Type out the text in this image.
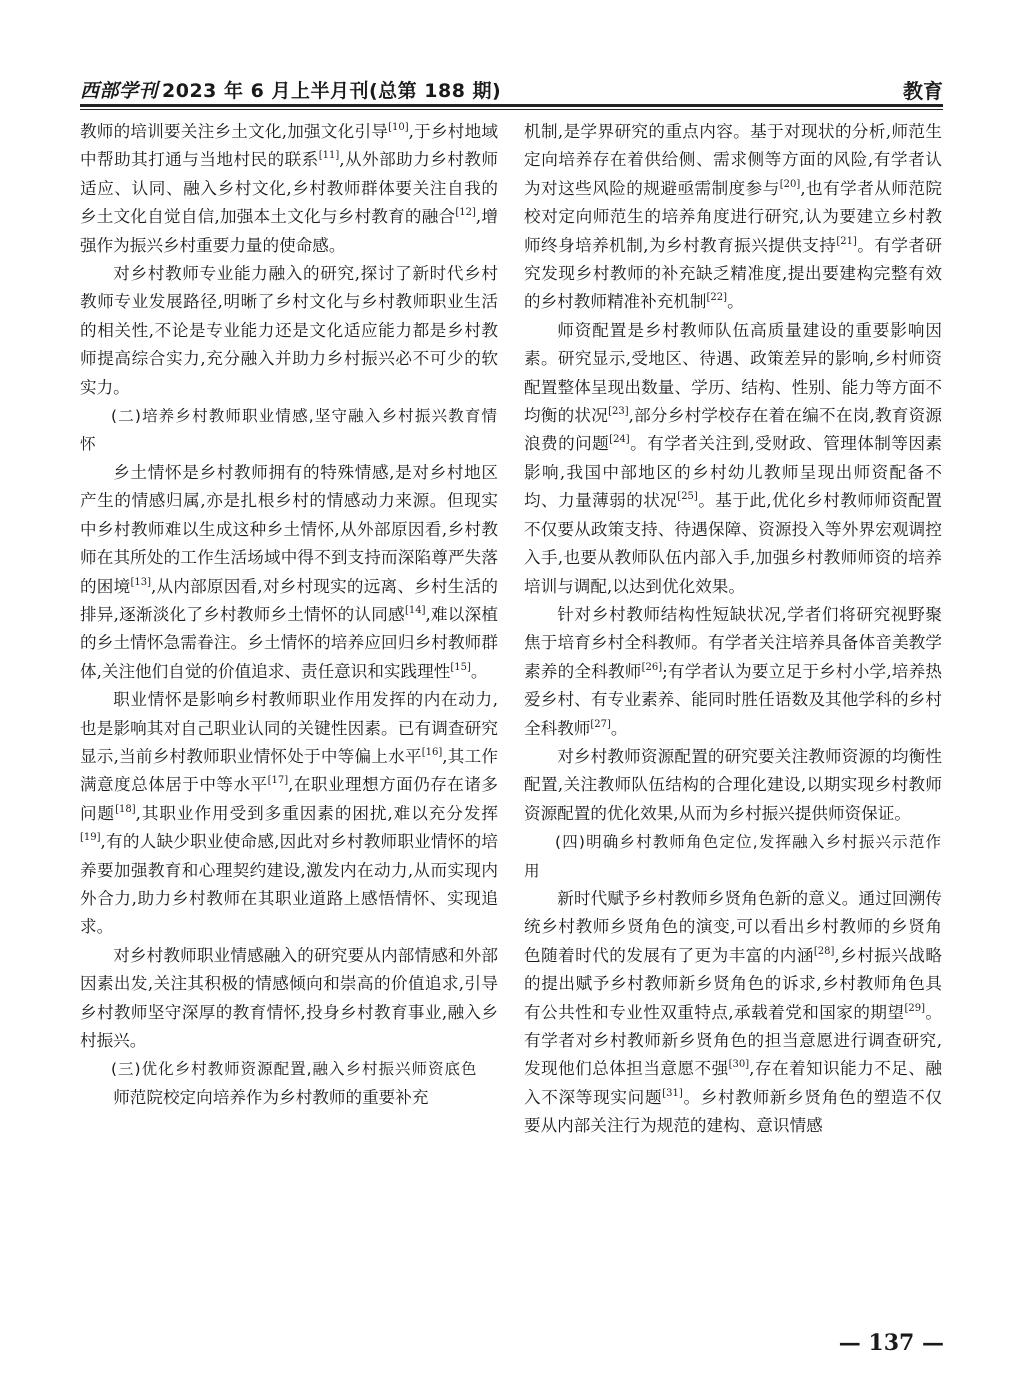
西部学刊 2023 年 6 月上半月刊(总第 188 期)	教育

教师的培训要关注乡土文化,加强文化引导[10],于乡村地域中帮助其打通与当地村民的联系[11],从外部助力乡村教师适应、认同、融入乡村文化,乡村教师群体要关注自我的乡土文化自觉自信,加强本土文化与乡村教育的融合[12],增强作为振兴乡村重要力量的使命感。

对乡村教师专业能力融入的研究,探讨了新时代乡村教师专业发展路径,明晰了乡村文化与乡村教师职业生活的相关性,不论是专业能力还是文化适应能力都是乡村教师提高综合实力,充分融入并助力乡村振兴必不可少的软实力。

(二)培养乡村教师职业情感,坚守融入乡村振兴教育情怀

乡土情怀是乡村教师拥有的特殊情感,是对乡村地区产生的情感归属,亦是扎根乡村的情感动力来源。但现实中乡村教师难以生成这种乡土情怀,从外部原因看,乡村教师在其所处的工作生活场域中得不到支持而深陷尊严失落的困境[13],从内部原因看,对乡村现实的远离、乡村生活的排异,逐渐淡化了乡村教师乡土情怀的认同感[14],难以深植的乡土情怀急需眷注。乡土情怀的培养应回归乡村教师群体,关注他们自觉的价值追求、责任意识和实践理性[15]。

职业情怀是影响乡村教师职业作用发挥的内在动力,也是影响其对自己职业认同的关键性因素。已有调查研究显示,当前乡村教师职业情怀处于中等偏上水平[16],其工作满意度总体居于中等水平[17],在职业理想方面仍存在诸多问题[18],其职业作用受到多重因素的困扰,难以充分发挥[19],有的人缺少职业使命感,因此对乡村教师职业情怀的培养要加强教育和心理契约建设,激发内在动力,从而实现内外合力,助力乡村教师在其职业道路上感悟情怀、实现追求。

对乡村教师职业情感融入的研究要从内部情感和外部因素出发,关注其积极的情感倾向和崇高的价值追求,引导乡村教师坚守深厚的教育情怀,投身乡村教育事业,融入乡村振兴。

(三)优化乡村教师资源配置,融入乡村振兴师资底色

师范院校定向培养作为乡村教师的重要补充

机制,是学界研究的重点内容。基于对现状的分析,师范生定向培养存在着供给侧、需求侧等方面的风险,有学者认为对这些风险的规避亟需制度参与[20],也有学者从师范院校对定向师范生的培养角度进行研究,认为要建立乡村教师终身培养机制,为乡村教育振兴提供支持[21]。有学者研究发现乡村教师的补充缺乏精准度,提出要建构完整有效的乡村教师精准补充机制[22]。

师资配置是乡村教师队伍高质量建设的重要影响因素。研究显示,受地区、待遇、政策差异的影响,乡村师资配置整体呈现出数量、学历、结构、性别、能力等方面不均衡的状况[23],部分乡村学校存在着在编不在岗,教育资源浪费的问题[24]。有学者关注到,受财政、管理体制等因素影响,我国中部地区的乡村幼儿教师呈现出师资配备不均、力量薄弱的状况[25]。基于此,优化乡村教师师资配置不仅要从政策支持、待遇保障、资源投入等外界宏观调控入手,也要从教师队伍内部入手,加强乡村教师师资的培养培训与调配,以达到优化效果。

针对乡村教师结构性短缺状况,学者们将研究视野聚焦于培育乡村全科教师。有学者关注培养具备体音美教学素养的全科教师[26];有学者认为要立足于乡村小学,培养热爱乡村、有专业素养、能同时胜任语数及其他学科的乡村全科教师[27]。

对乡村教师资源配置的研究要关注教师资源的均衡性配置,关注教师队伍结构的合理化建设,以期实现乡村教师资源配置的优化效果,从而为乡村振兴提供师资保证。

(四)明确乡村教师角色定位,发挥融入乡村振兴示范作用

新时代赋予乡村教师乡贤角色新的意义。通过回溯传统乡村教师乡贤角色的演变,可以看出乡村教师的乡贤角色随着时代的发展有了更为丰富的内涵[28],乡村振兴战略的提出赋予乡村教师新乡贤角色的诉求,乡村教师角色具有公共性和专业性双重特点,承载着党和国家的期望[29]。有学者对乡村教师新乡贤角色的担当意愿进行调查研究,发现他们总体担当意愿不强[30],存在着知识能力不足、融入不深等现实问题[31]。乡村教师新乡贤角色的塑造不仅要从内部关注行为规范的建构、意识情感

— 137 —
